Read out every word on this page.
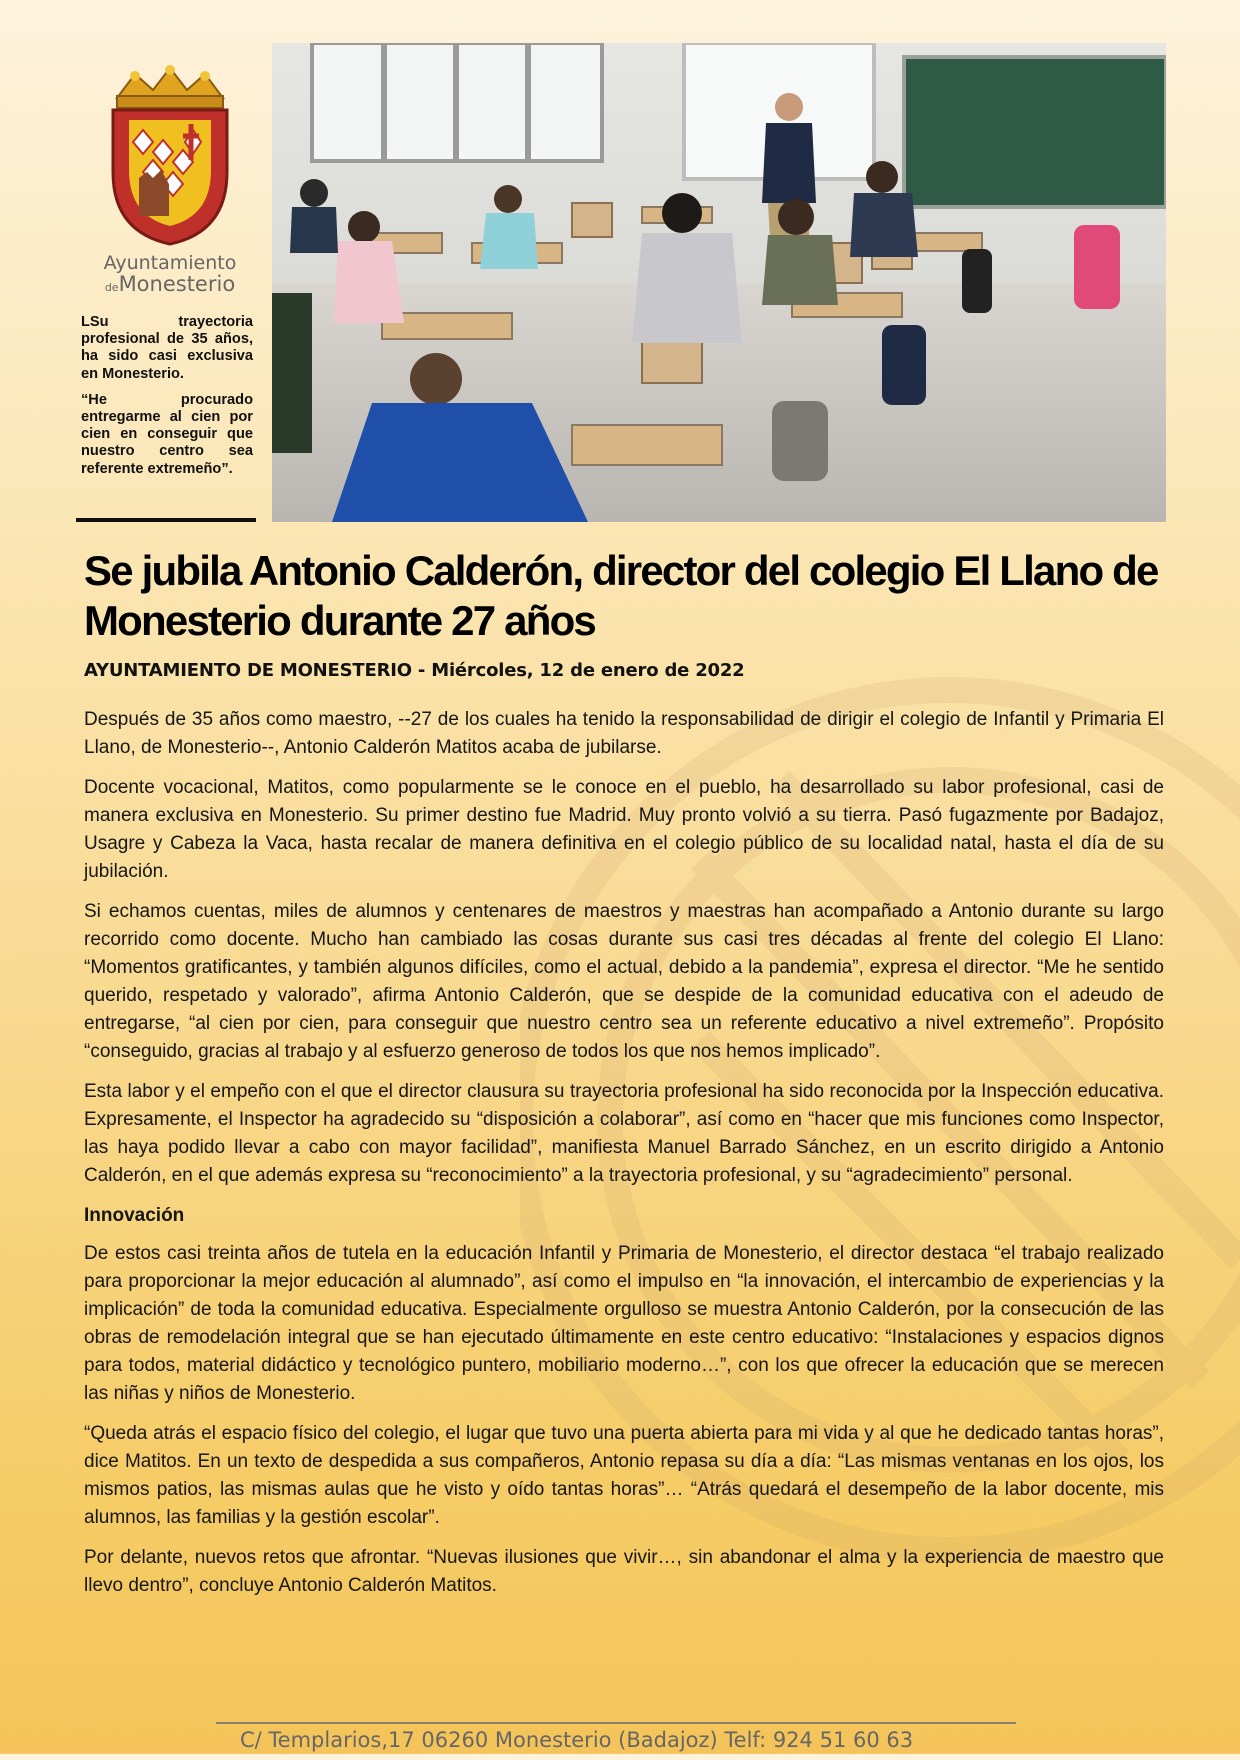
Ayuntamiento
deMonesterio

LSu trayectoria profesional de 35 años, ha sido casi exclusiva en Monesterio.

“He procurado entregarme al cien por cien en conseguir que nuestro centro sea referente extremeño”.

Se jubila Antonio Calderón, director del colegio El Llano de Monesterio durante 27 años

AYUNTAMIENTO DE MONESTERIO - Miércoles, 12 de enero de 2022

Después de 35 años como maestro, --27 de los cuales ha tenido la responsabilidad de dirigir el colegio de Infantil y Primaria El Llano, de Monesterio--, Antonio Calderón Matitos acaba de jubilarse.

Docente vocacional, Matitos, como popularmente se le conoce en el pueblo, ha desarrollado su labor profesional, casi de manera exclusiva en Monesterio. Su primer destino fue Madrid. Muy pronto volvió a su tierra. Pasó fugazmente por Badajoz, Usagre y Cabeza la Vaca, hasta recalar de manera definitiva en el colegio público de su localidad natal, hasta el día de su jubilación.

Si echamos cuentas, miles de alumnos y centenares de maestros y maestras han acompañado a Antonio durante su largo recorrido como docente. Mucho han cambiado las cosas durante sus casi tres décadas al frente del colegio El Llano: “Momentos gratificantes, y también algunos difíciles, como el actual, debido a la pandemia”, expresa el director. “Me he sentido querido, respetado y valorado”, afirma Antonio Calderón, que se despide de la comunidad educativa con el adeudo de entregarse, “al cien por cien, para conseguir que nuestro centro sea un referente educativo a nivel extremeño”. Propósito “conseguido, gracias al trabajo y al esfuerzo generoso de todos los que nos hemos implicado”.

Esta labor y el empeño con el que el director clausura su trayectoria profesional ha sido reconocida por la Inspección educativa. Expresamente, el Inspector ha agradecido su “disposición a colaborar”, así como en “hacer que mis funciones como Inspector, las haya podido llevar a cabo con mayor facilidad”, manifiesta Manuel Barrado Sánchez, en un escrito dirigido a Antonio Calderón, en el que además expresa su “reconocimiento” a la trayectoria profesional, y su “agradecimiento” personal.

Innovación

De estos casi treinta años de tutela en la educación Infantil y Primaria de Monesterio, el director destaca “el trabajo realizado para proporcionar la mejor educación al alumnado”, así como el impulso en “la innovación, el intercambio de experiencias y la implicación” de toda la comunidad educativa. Especialmente orgulloso se muestra Antonio Calderón, por la consecución de las obras de remodelación integral que se han ejecutado últimamente en este centro educativo: “Instalaciones y espacios dignos para todos, material didáctico y tecnológico puntero, mobiliario moderno…”, con los que ofrecer la educación que se merecen las niñas y niños de Monesterio.

“Queda atrás el espacio físico del colegio, el lugar que tuvo una puerta abierta para mi vida y al que he dedicado tantas horas”, dice Matitos. En un texto de despedida a sus compañeros, Antonio repasa su día a día: “Las mismas ventanas en los ojos, los mismos patios, las mismas aulas que he visto y oído tantas horas”… “Atrás quedará el desempeño de la labor docente, mis alumnos, las familias y la gestión escolar”.

Por delante, nuevos retos que afrontar. “Nuevas ilusiones que vivir…, sin abandonar el alma y la experiencia de maestro que llevo dentro”, concluye Antonio Calderón Matitos.

C/ Templarios,17 06260 Monesterio (Badajoz) Telf: 924 51 60 63
